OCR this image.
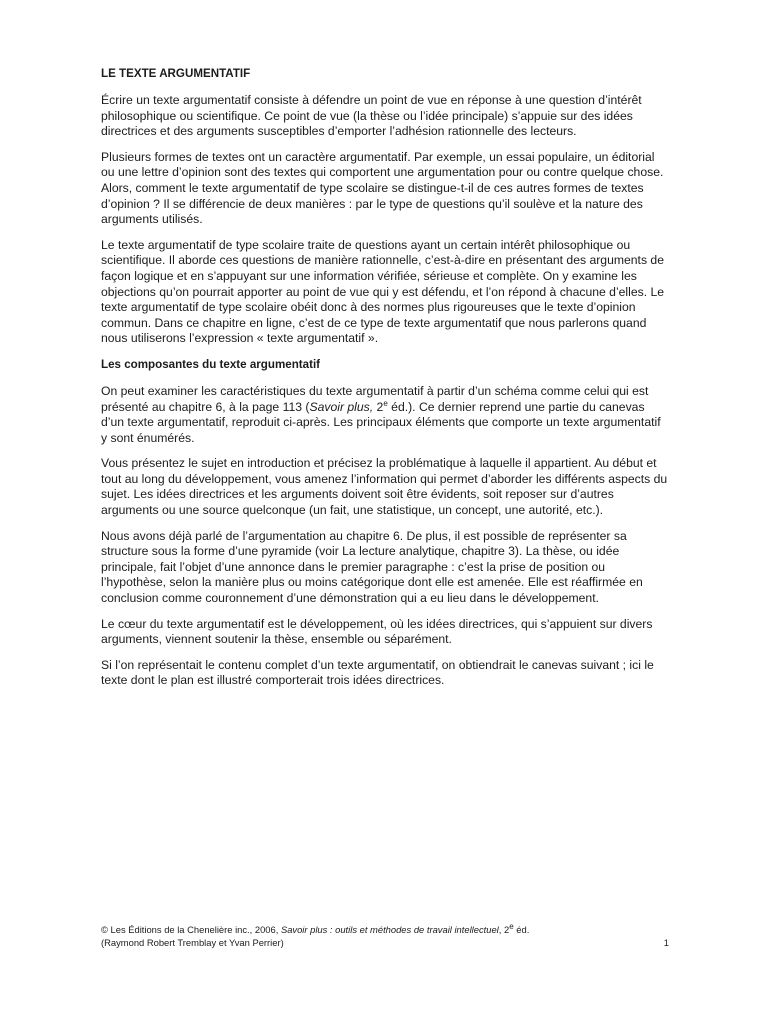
LE TEXTE ARGUMENTATIF

Écrire un texte argumentatif consiste à défendre un point de vue en réponse à une question d’intérêt philosophique ou scientifique. Ce point de vue (la thèse ou l’idée principale) s’appuie sur des idées directrices et des arguments susceptibles d’emporter l’adhésion rationnelle des lecteurs.

Plusieurs formes de textes ont un caractère argumentatif. Par exemple, un essai populaire, un éditorial ou une lettre d’opinion sont des textes qui comportent une argumentation pour ou contre quelque chose. Alors, comment le texte argumentatif de type scolaire se distingue-t-il de ces autres formes de textes d’opinion ? Il se différencie de deux manières : par le type de questions qu’il soulève et la nature des arguments utilisés.

Le texte argumentatif de type scolaire traite de questions ayant un certain intérêt philosophique ou scientifique. Il aborde ces questions de manière rationnelle, c’est-à-dire en présentant des arguments de façon logique et en s’appuyant sur une information vérifiée, sérieuse et complète. On y examine les objections qu’on pourrait apporter au point de vue qui y est défendu, et l’on répond à chacune d’elles. Le texte argumentatif de type scolaire obéit donc à des normes plus rigoureuses que le texte d’opinion commun. Dans ce chapitre en ligne, c’est de ce type de texte argumentatif que nous parlerons quand nous utiliserons l’expression « texte argumentatif ».

Les composantes du texte argumentatif

On peut examiner les caractéristiques du texte argumentatif à partir d’un schéma comme celui qui est présenté au chapitre 6, à la page 113 (Savoir plus, 2e éd.). Ce dernier reprend une partie du canevas d’un texte argumentatif, reproduit ci-après. Les principaux éléments que comporte un texte argumentatif y sont énumérés.

Vous présentez le sujet en introduction et précisez la problématique à laquelle il appartient. Au début et tout au long du développement, vous amenez l’information qui permet d’aborder les différents aspects du sujet. Les idées directrices et les arguments doivent soit être évidents, soit reposer sur d’autres arguments ou une source quelconque (un fait, une statistique, un concept, une autorité, etc.).

Nous avons déjà parlé de l’argumentation au chapitre 6. De plus, il est possible de représenter sa structure sous la forme d’une pyramide (voir La lecture analytique, chapitre 3). La thèse, ou idée principale, fait l’objet d’une annonce dans le premier paragraphe : c’est la prise de position ou l’hypothèse, selon la manière plus ou moins catégorique dont elle est amenée. Elle est réaffirmée en conclusion comme couronnement d’une démonstration qui a eu lieu dans le développement.

Le cœur du texte argumentatif est le développement, où les idées directrices, qui s’appuient sur divers arguments, viennent soutenir la thèse, ensemble ou séparément.

Si l’on représentait le contenu complet d’un texte argumentatif, on obtiendrait le canevas suivant ; ici le texte dont le plan est illustré comporterait trois idées directrices.

© Les Éditions de la Chenelière inc., 2006, Savoir plus : outils et méthodes de travail intellectuel, 2e éd.
(Raymond Robert Tremblay et Yvan Perrier)	1
